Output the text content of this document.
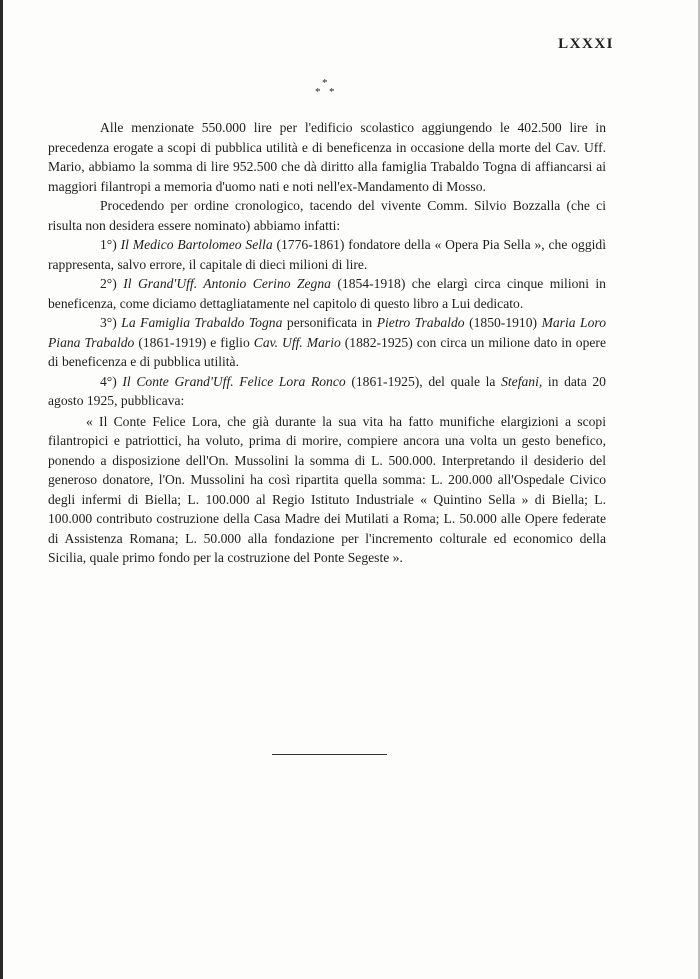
LXXXI
*
* *

Alle menzionate 550.000 lire per l'edificio scolastico aggiungendo le 402.500 lire in precedenza erogate a scopi di pubblica utilità e di beneficenza in occasione della morte del Cav. Uff. Mario, abbiamo la somma di lire 952.500 che dà diritto alla famiglia Trabaldo Togna di affiancarsi ai maggiori filantropi a memoria d'uomo nati e noti nell'ex-Mandamento di Mosso.

Procedendo per ordine cronologico, tacendo del vivente Comm. Silvio Bozzalla (che ci risulta non desidera essere nominato) abbiamo infatti:

1°) Il Medico Bartolomeo Sella (1776-1861) fondatore della « Opera Pia Sella », che oggidì rappresenta, salvo errore, il capitale di dieci milioni di lire.

2°) Il Grand'Uff. Antonio Cerino Zegna (1854-1918) che elargì circa cinque milioni in beneficenza, come diciamo dettagliatamente nel capitolo di questo libro a Lui dedicato.

3°) La Famiglia Trabaldo Togna personificata in Pietro Trabaldo (1850-1910) Maria Loro Piana Trabaldo (1861-1919) e figlio Cav. Uff. Mario (1882-1925) con circa un milione dato in opere di beneficenza e di pubblica utilità.

4°) Il Conte Grand'Uff. Felice Lora Ronco (1861-1925), del quale la Stefani, in data 20 agosto 1925, pubblicava:

« Il Conte Felice Lora, che già durante la sua vita ha fatto munifiche elargizioni a scopi filantropici e patriottici, ha voluto, prima di morire, compiere ancora una volta un gesto benefico, ponendo a disposizione dell'On. Mussolini la somma di L. 500.000. Interpretando il desiderio del generoso donatore, l'On. Mussolini ha così ripartita quella somma: L. 200.000 all'Ospedale Civico degli infermi di Biella; L. 100.000 al Regio Istituto Industriale « Quintino Sella » di Biella; L. 100.000 contributo costruzione della Casa Madre dei Mutilati a Roma; L. 50.000 alle Opere federate di Assistenza Romana; L. 50.000 alla fondazione per l'incremento colturale ed economico della Sicilia, quale primo fondo per la costruzione del Ponte Segeste ».
